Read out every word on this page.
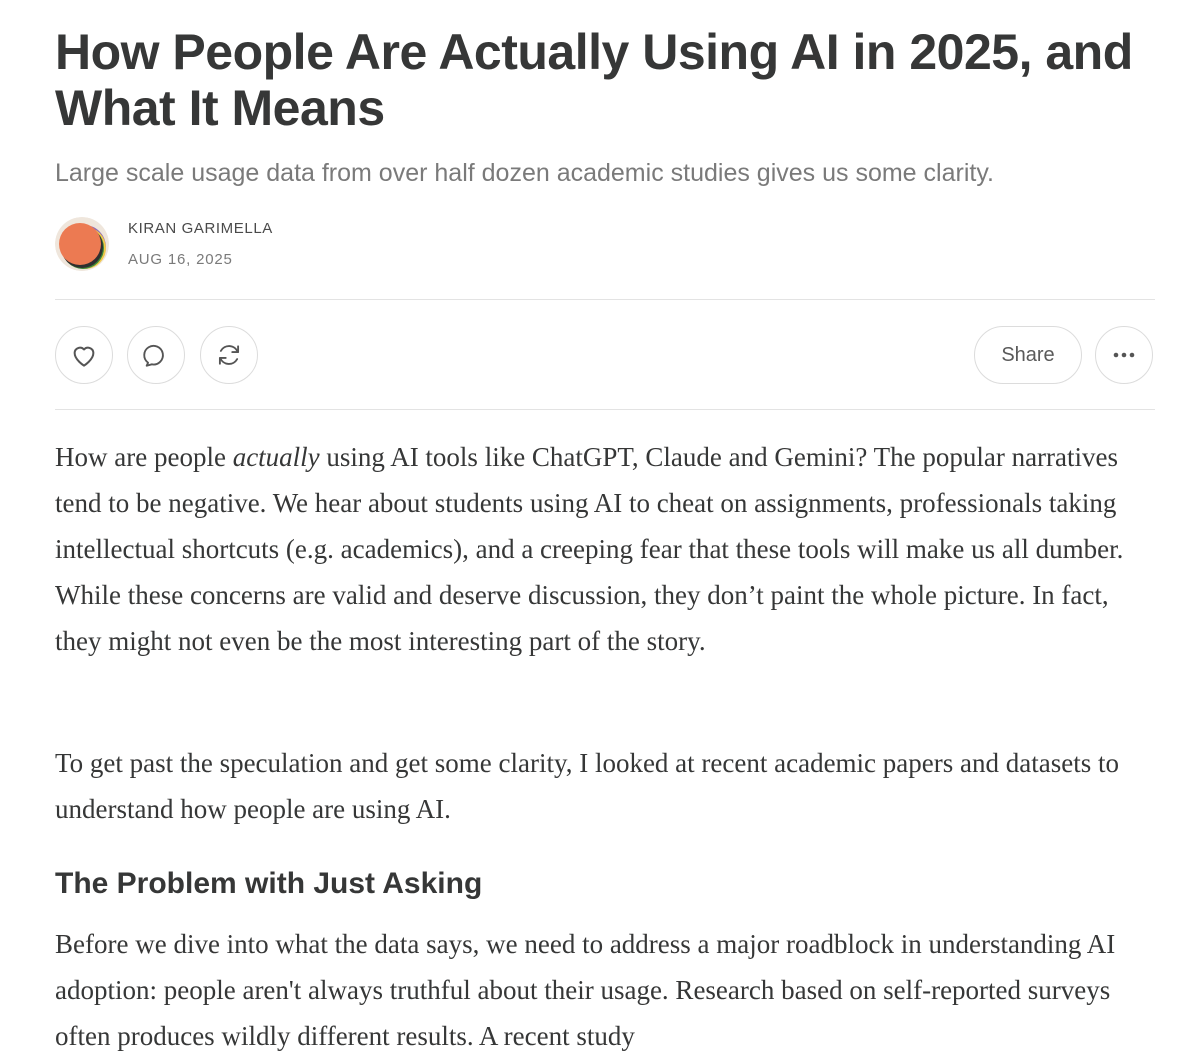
How People Are Actually Using AI in 2025, and What It Means
Large scale usage data from over half dozen academic studies gives us some clarity.
KIRAN GARIMELLA
AUG 16, 2025
Share

How are people actually using AI tools like ChatGPT, Claude and Gemini? The popular narratives tend to be negative. We hear about students using AI to cheat on assignments, professionals taking intellectual shortcuts (e.g. academics), and a creeping fear that these tools will make us all dumber. While these concerns are valid and deserve discussion, they don’t paint the whole picture. In fact, they might not even be the most interesting part of the story.

To get past the speculation and get some clarity, I looked at recent academic papers and datasets to understand how people are using AI.

The Problem with Just Asking

Before we dive into what the data says, we need to address a major roadblock in understanding AI adoption: people aren't always truthful about their usage. Research based on self-reported surveys often produces wildly different results. A recent study
